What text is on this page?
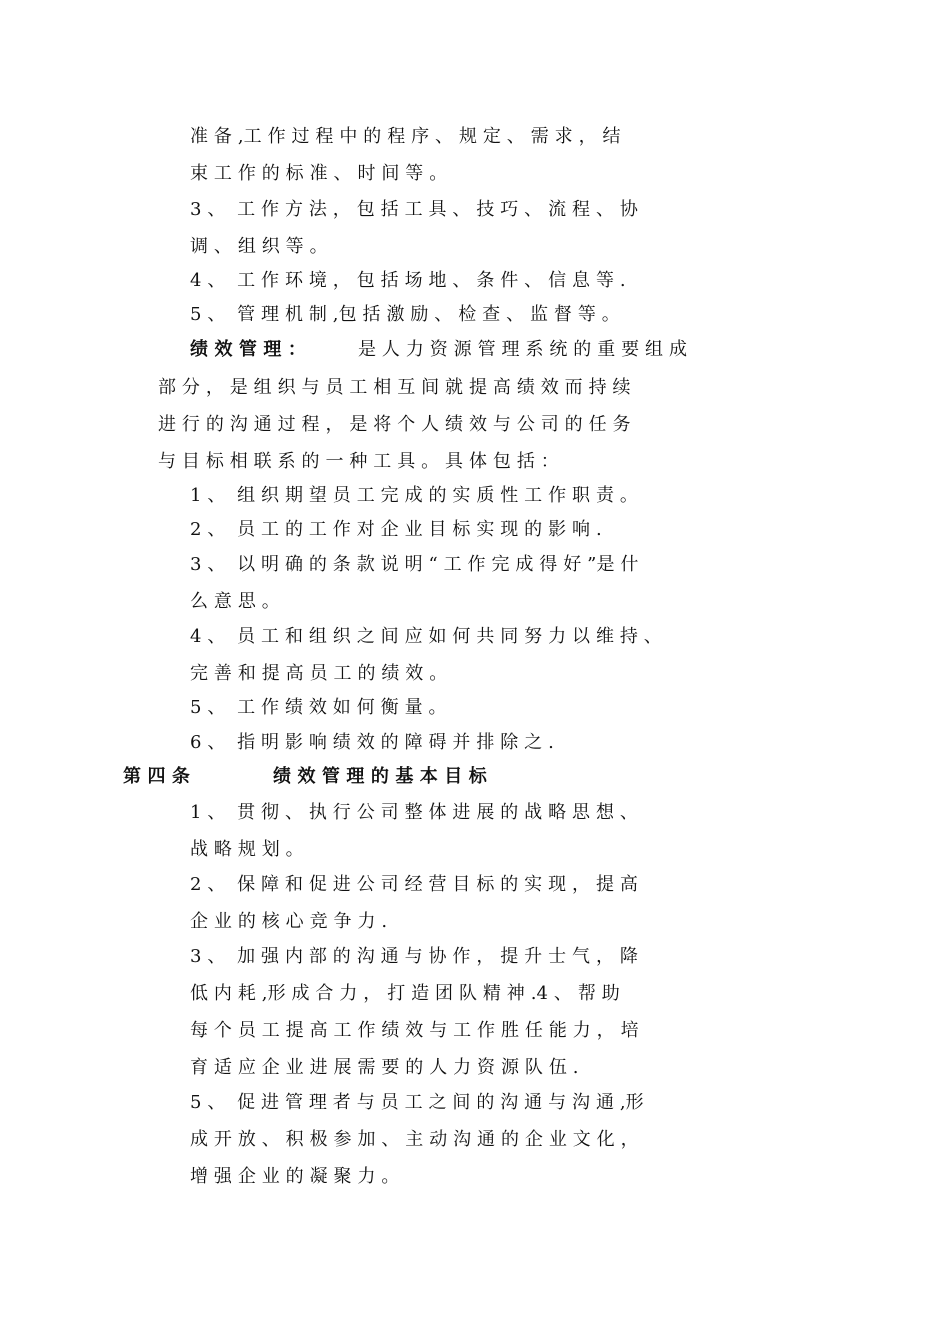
准 备 ,工 作 过 程 中 的 程 序 、 规 定 、 需 求 ， 结
束 工 作 的 标 准 、 时 间 等 。
3 、  工 作 方 法 ， 包 括 工 具 、 技 巧 、 流 程 、 协
调 、 组 织 等 。
4 、  工 作 环 境 ， 包 括 场 地 、 条 件 、 信 息 等 .
5 、  管 理 机 制 ,包 括 激 励 、 检 查 、 监 督 等 。
绩 效 管 理 ：	是 人 力 资 源 管 理 系 统 的 重 要 组 成
部 分 ， 是 组 织 与 员 工 相 互 间 就 提 高 绩 效 而 持 续
进 行 的 沟 通 过 程 ， 是 将 个 人 绩 效 与 公 司 的 任 务
与 目 标 相 联 系 的 一 种 工 具 。 具 体 包 括 ：
1 、  组 织 期 望 员 工 完 成 的 实 质 性 工 作 职 责 。
2 、  员 工 的 工 作 对 企 业 目 标 实 现 的 影 响 .
3 、  以 明 确 的 条 款 说 明 “ 工 作 完 成 得 好 ”是 什
么 意 思 。
4 、  员 工 和 组 织 之 间 应 如 何 共 同 努 力 以 维 持 、
完 善 和 提 高 员 工 的 绩 效 。
5 、  工 作 绩 效 如 何 衡 量 。
6 、  指 明 影 响 绩 效 的 障 碍 并 排 除 之 .
第 四 条	绩 效 管 理 的 基 本 目 标
1 、  贯 彻 、 执 行 公 司 整 体 进 展 的 战 略 思 想 、
战 略 规 划 。
2 、  保 障 和 促 进 公 司 经 营 目 标 的 实 现 ， 提 高
企 业 的 核 心 竞 争 力 .
3 、  加 强 内 部 的 沟 通 与 协 作 ， 提 升 士 气 ， 降
低 内 耗 ,形 成 合 力 ， 打 造 团 队 精 神 .4 、 帮 助
每 个 员 工 提 高 工 作 绩 效 与 工 作 胜 任 能 力 ， 培
育 适 应 企 业 进 展 需 要 的 人 力 资 源 队 伍 .
5 、  促 进 管 理 者 与 员 工 之 间 的 沟 通 与 沟 通 ,形
成 开 放 、 积 极 参 加 、 主 动 沟 通 的 企 业 文 化 ，
增 强 企 业 的 凝 聚 力 。
